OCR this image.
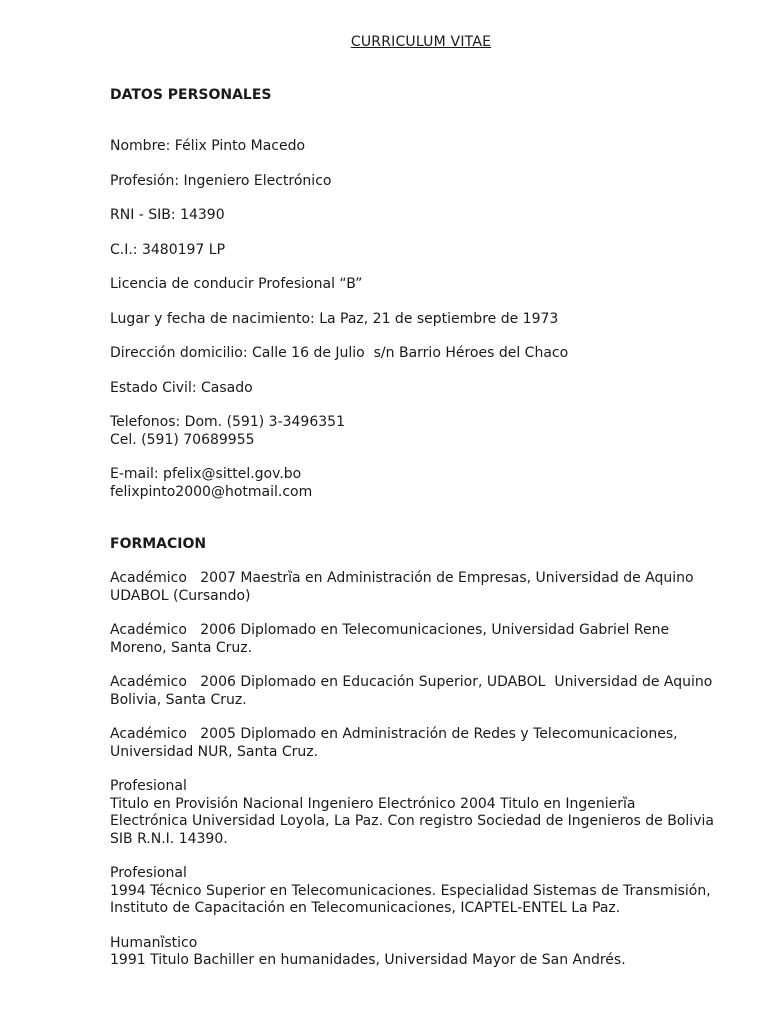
CURRICULUM VITAE
DATOS PERSONALES
Nombre: Félix Pinto Macedo
Profesión: Ingeniero Electrónico
RNI - SIB: 14390
C.I.: 3480197 LP
Licencia de conducir Profesional “B”
Lugar y fecha de nacimiento: La Paz, 21 de septiembre de 1973
Dirección domicilio: Calle 16 de Julio  s/n Barrio Héroes del Chaco
Estado Civil: Casado
Telefonos: Dom. (591) 3-3496351
Cel. (591) 70689955
E-mail: pfelix@sittel.gov.bo
felixpinto2000@hotmail.com
FORMACION
Académico   2007 Maestrȉa en Administración de Empresas, Universidad de Aquino
UDABOL (Cursando)
Académico   2006 Diplomado en Telecomunicaciones, Universidad Gabriel Rene
Moreno, Santa Cruz.
Académico   2006 Diplomado en Educación Superior, UDABOL  Universidad de Aquino
Bolivia, Santa Cruz.
Académico   2005 Diplomado en Administración de Redes y Telecomunicaciones,
Universidad NUR, Santa Cruz.
Profesional
Titulo en Provisión Nacional Ingeniero Electrónico 2004 Titulo en Ingenierȉa
Electrónica Universidad Loyola, La Paz. Con registro Sociedad de Ingenieros de Bolivia
SIB R.N.I. 14390.
Profesional
1994 Técnico Superior en Telecomunicaciones. Especialidad Sistemas de Transmisión,
Instituto de Capacitación en Telecomunicaciones, ICAPTEL-ENTEL La Paz.
Humanȉstico
1991 Titulo Bachiller en humanidades, Universidad Mayor de San Andrés.
